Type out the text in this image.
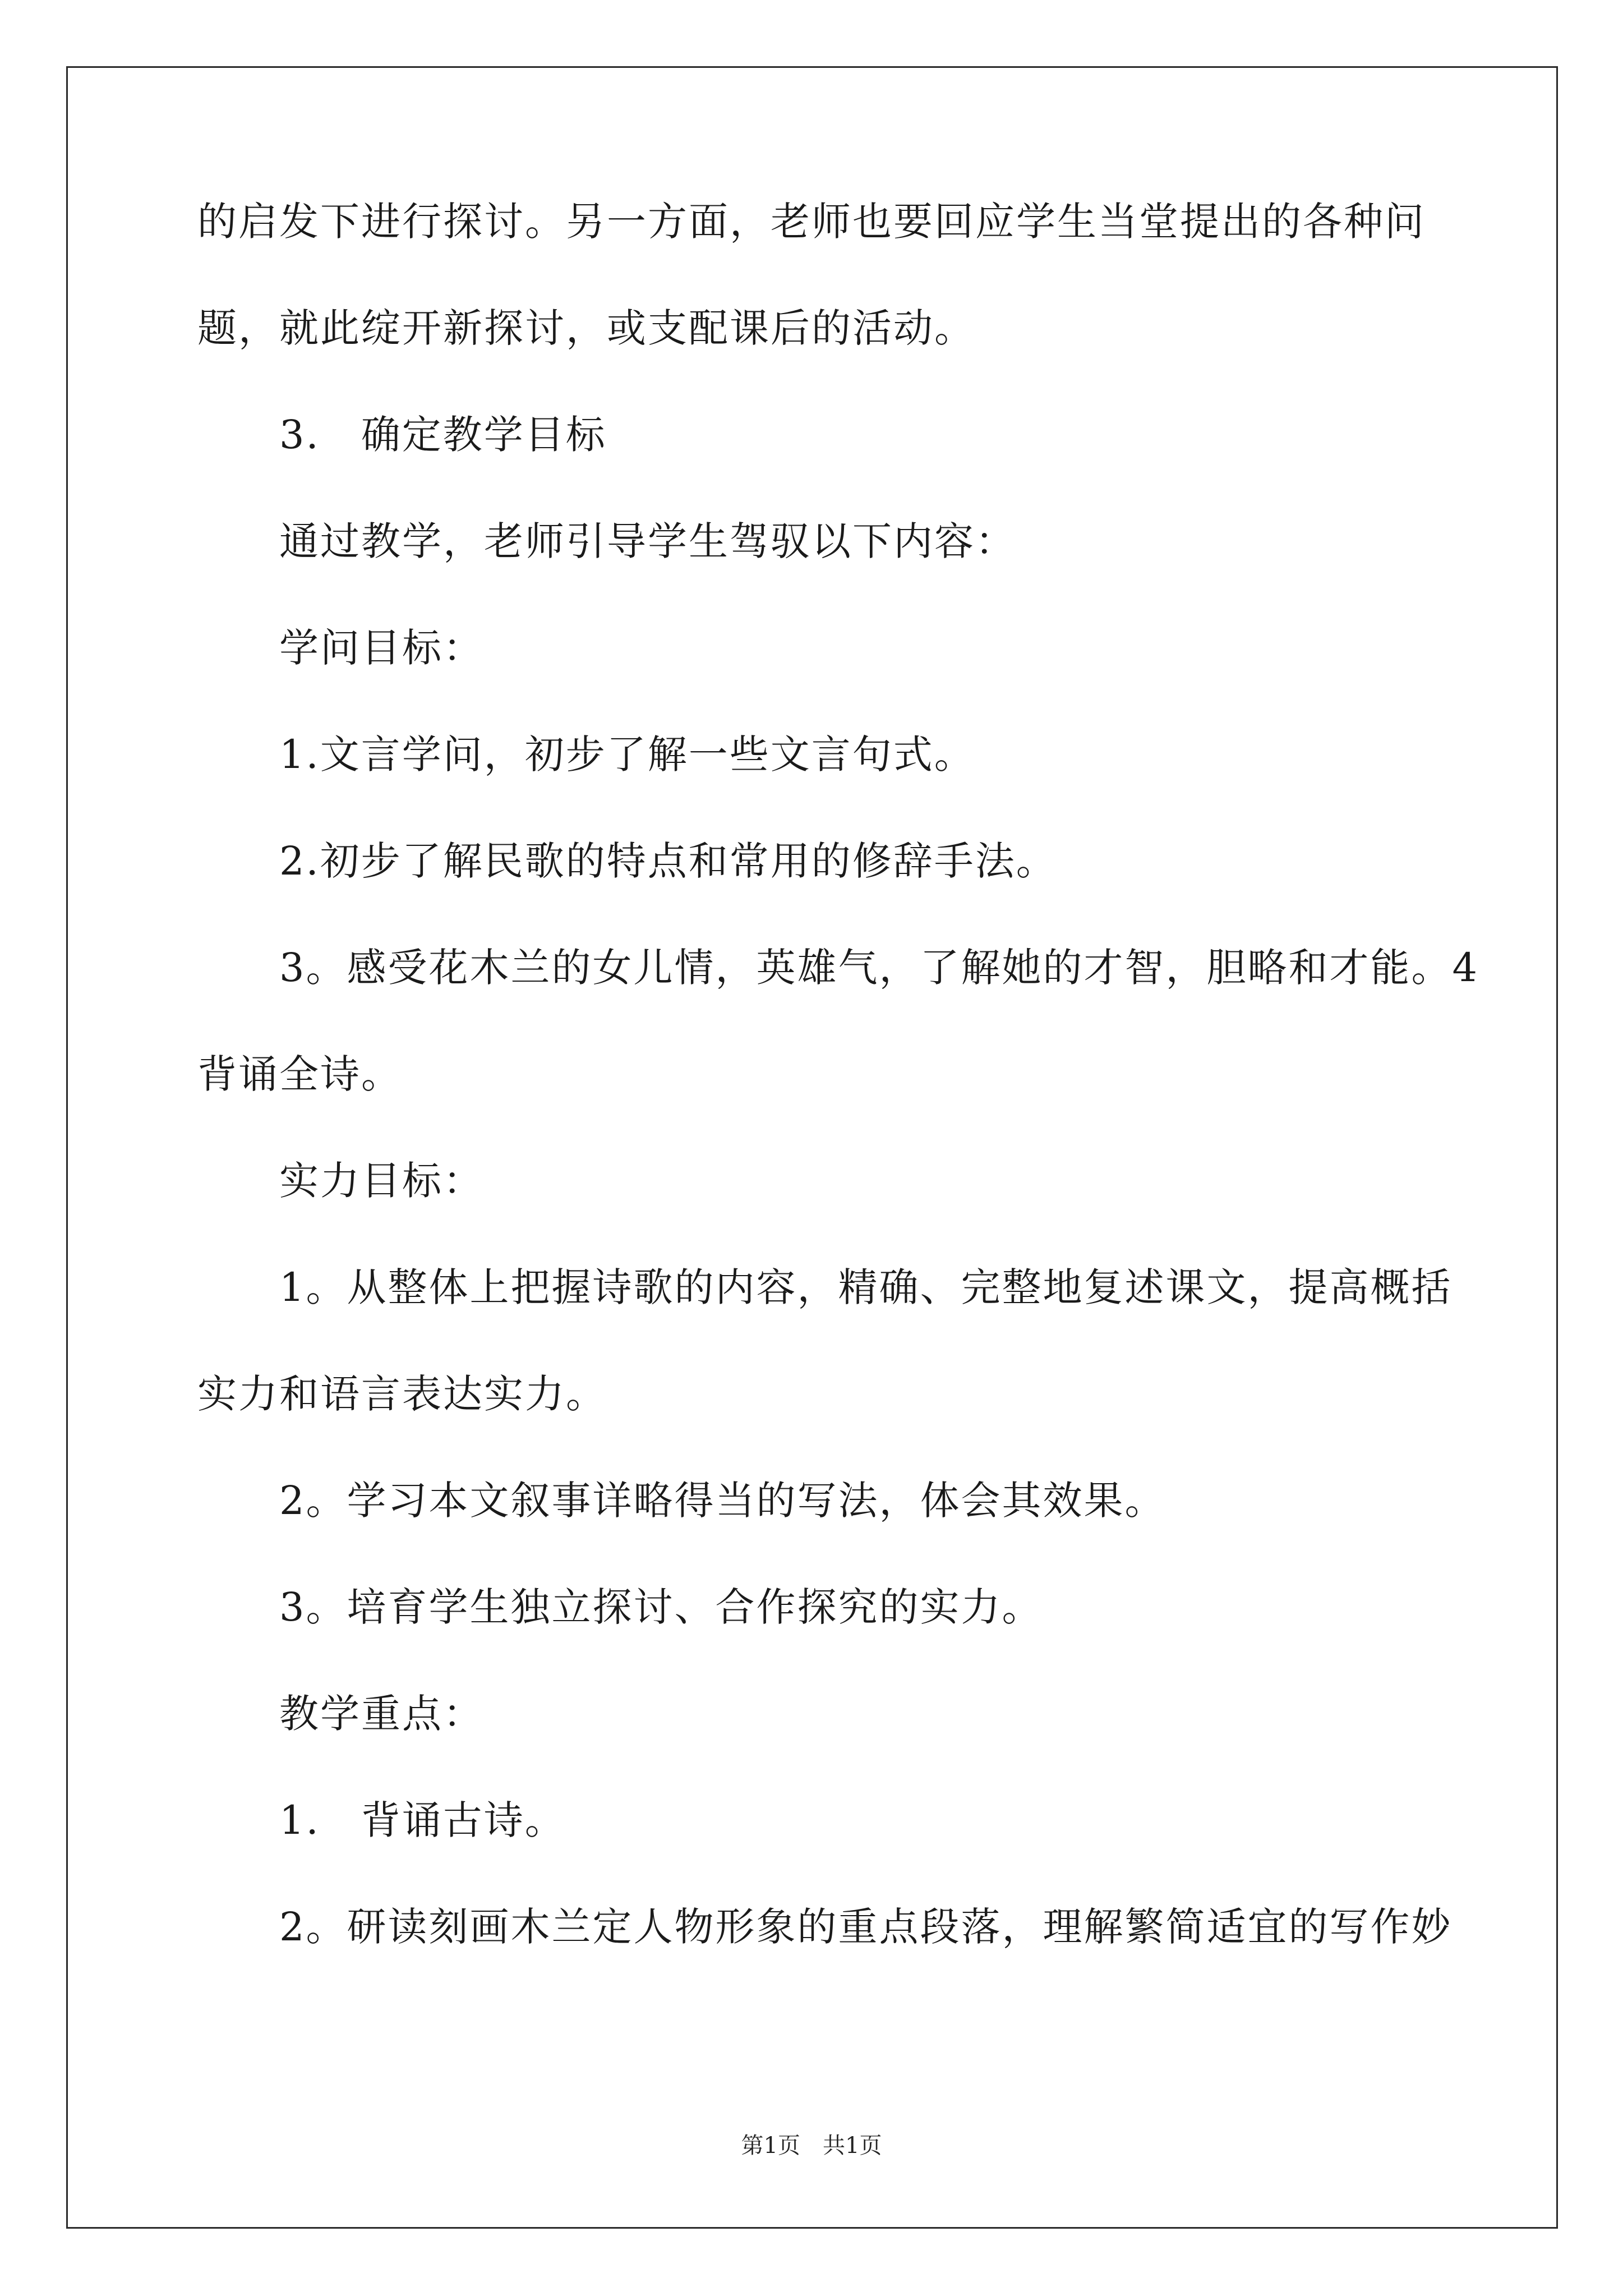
的启发下进行探讨。另一方面，老师也要回应学生当堂提出的各种问
题，就此绽开新探讨，或支配课后的活动。
3.　确定教学目标
通过教学，老师引导学生驾驭以下内容：
学问目标：
1.文言学问，初步了解一些文言句式。
2.初步了解民歌的特点和常用的修辞手法。
3。感受花木兰的女儿情，英雄气，了解她的才智，胆略和才能。4
背诵全诗。
实力目标：
1。从整体上把握诗歌的内容，精确、完整地复述课文，提高概括
实力和语言表达实力。
2。学习本文叙事详略得当的写法，体会其效果。
3。培育学生独立探讨、合作探究的实力。
教学重点：
1.　背诵古诗。
2。研读刻画木兰定人物形象的重点段落，理解繁简适宜的写作妙
第1页　共1页
